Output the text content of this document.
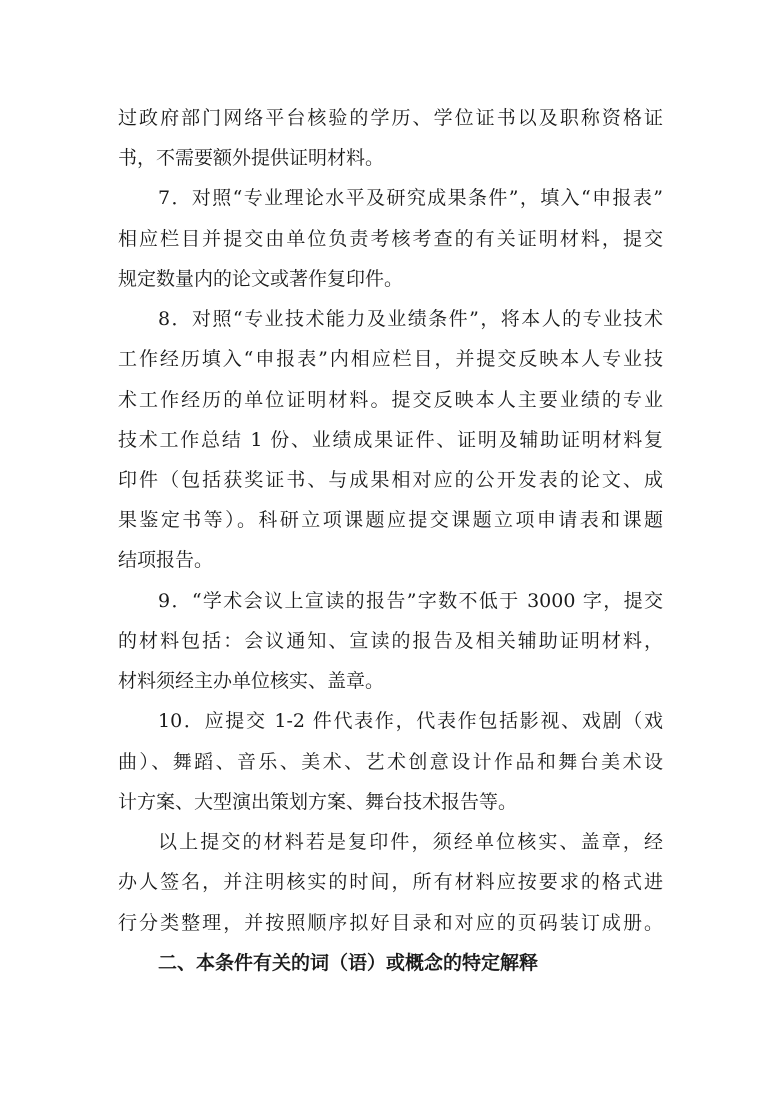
过政府部门网络平台核验的学历、学位证书以及职称资格证
书，不需要额外提供证明材料。
7．对照“专业理论水平及研究成果条件”，填入“申报表”
相应栏目并提交由单位负责考核考查的有关证明材料，提交
规定数量内的论文或著作复印件。
8．对照“专业技术能力及业绩条件”，将本人的专业技术
工作经历填入“申报表”内相应栏目，并提交反映本人专业技
术工作经历的单位证明材料。提交反映本人主要业绩的专业
技术工作总结 1 份、业绩成果证件、证明及辅助证明材料复
印件（包括获奖证书、与成果相对应的公开发表的论文、成
果鉴定书等）。科研立项课题应提交课题立项申请表和课题
结项报告。
9．“学术会议上宣读的报告”字数不低于 3000 字，提交
的材料包括：会议通知、宣读的报告及相关辅助证明材料，
材料须经主办单位核实、盖章。
10．应提交 1-2 件代表作，代表作包括影视、戏剧（戏
曲）、舞蹈、音乐、美术、艺术创意设计作品和舞台美术设
计方案、大型演出策划方案、舞台技术报告等。
以上提交的材料若是复印件，须经单位核实、盖章，经
办人签名，并注明核实的时间，所有材料应按要求的格式进
行分类整理，并按照顺序拟好目录和对应的页码装订成册。
二、本条件有关的词（语）或概念的特定解释
